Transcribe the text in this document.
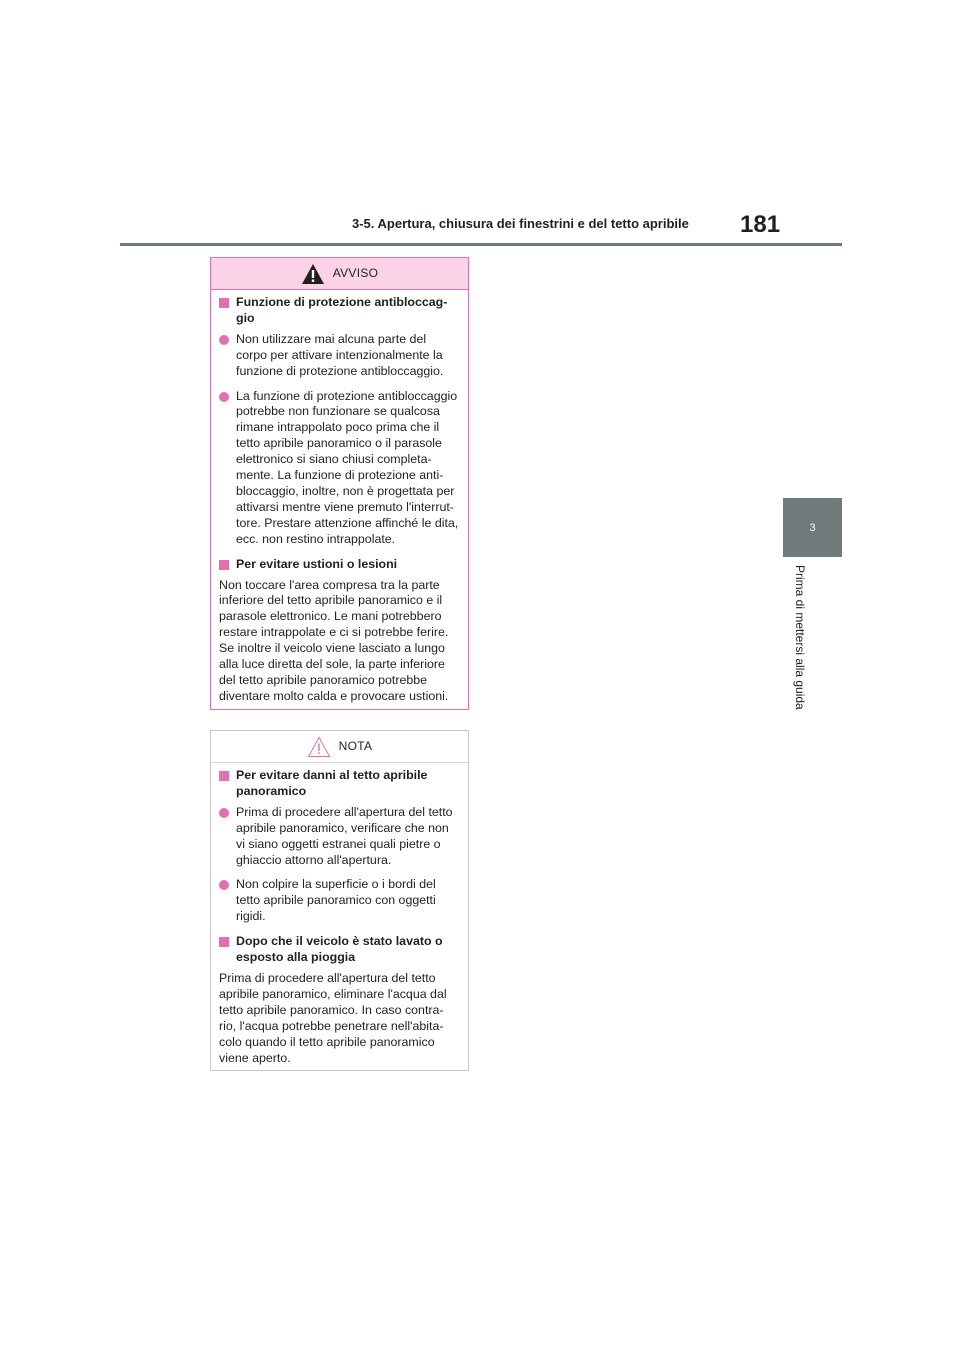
3-5. Apertura, chiusura dei finestrini e del tetto apribile 181
3
Prima di mettersi alla guida
AVVISO
Funzione di protezione antibloccag-gio
Non utilizzare mai alcuna parte del corpo per attivare intenzionalmente la funzione di protezione antibloccaggio.
La funzione di protezione antibloccaggio potrebbe non funzionare se qualcosa rimane intrappolato poco prima che il tetto apribile panoramico o il parasole elettronico si siano chiusi completa-mente. La funzione di protezione anti-bloccaggio, inoltre, non è progettata per attivarsi mentre viene premuto l'interrut-tore. Prestare attenzione affinché le dita, ecc. non restino intrappolate.
Per evitare ustioni o lesioni
Non toccare l'area compresa tra la parte inferiore del tetto apribile panoramico e il parasole elettronico. Le mani potrebbero restare intrappolate e ci si potrebbe ferire. Se inoltre il veicolo viene lasciato a lungo alla luce diretta del sole, la parte inferiore del tetto apribile panoramico potrebbe diventare molto calda e provocare ustioni.
NOTA
Per evitare danni al tetto apribile panoramico
Prima di procedere all'apertura del tetto apribile panoramico, verificare che non vi siano oggetti estranei quali pietre o ghiaccio attorno all'apertura.
Non colpire la superficie o i bordi del tetto apribile panoramico con oggetti rigidi.
Dopo che il veicolo è stato lavato o esposto alla pioggia
Prima di procedere all'apertura del tetto apribile panoramico, eliminare l'acqua dal tetto apribile panoramico. In caso contra-rio, l'acqua potrebbe penetrare nell'abita-colo quando il tetto apribile panoramico viene aperto.
